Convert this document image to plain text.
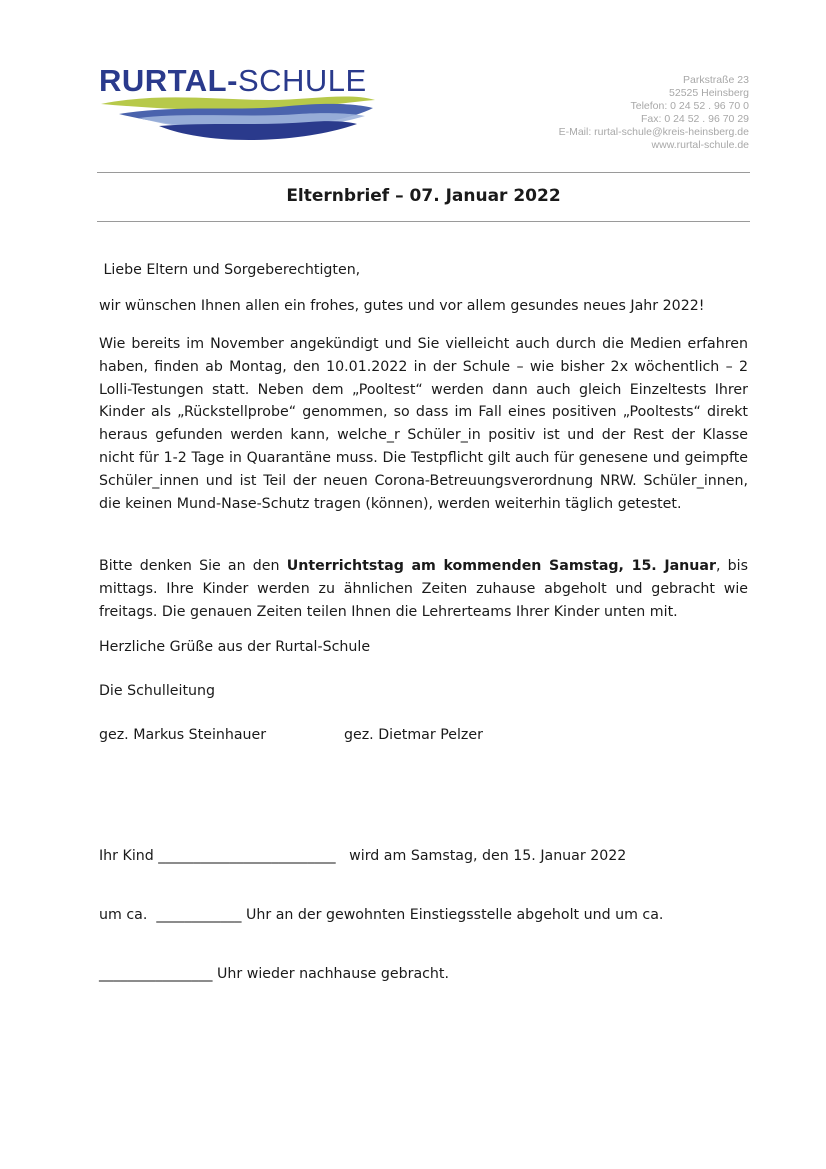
RURTAL-SCHULE	Parkstraße 23
52525 Heinsberg
Telefon: 0 24 52 . 96 70 0
Fax: 0 24 52 . 96 70 29
E-Mail: rurtal-schule@kreis-heinsberg.de
www.rurtal-schule.de
Elternbrief – 07. Januar 2022

Liebe Eltern und Sorgeberechtigten,

wir wünschen Ihnen allen ein frohes, gutes und vor allem gesundes neues Jahr 2022!

Wie bereits im November angekündigt und Sie vielleicht auch durch die Medien erfahren haben, finden ab Montag, den 10.01.2022 in der Schule – wie bisher 2x wöchentlich – 2 Lolli-Testungen statt. Neben dem „Pooltest“ werden dann auch gleich Einzeltests Ihrer Kinder als „Rückstellprobe“ genommen, so dass im Fall eines positiven „Pooltests“ direkt heraus gefunden werden kann, welche_r Schüler_in positiv ist und der Rest der Klasse nicht für 1-2 Tage in Quarantäne muss. Die Testpflicht gilt auch für genesene und geimpfte Schüler_innen und ist Teil der neuen Corona-Betreuungsverordnung NRW. Schüler_innen, die keinen Mund-Nase-Schutz tragen (können), werden weiterhin täglich getestet.

Bitte denken Sie an den Unterrichtstag am kommenden Samstag, 15. Januar, bis mittags. Ihre Kinder werden zu ähnlichen Zeiten zuhause abgeholt und gebracht wie freitags. Die genauen Zeiten teilen Ihnen die Lehrerteams Ihrer Kinder unten mit.

Herzliche Grüße aus der Rurtal-Schule

Die Schulleitung

gez. Markus Steinhauer	gez. Dietmar Pelzer

Ihr Kind _________________________   wird am Samstag, den 15. Januar 2022

um ca.  ____________ Uhr an der gewohnten Einstiegsstelle abgeholt und um ca.

________________ Uhr wieder nachhause gebracht.
